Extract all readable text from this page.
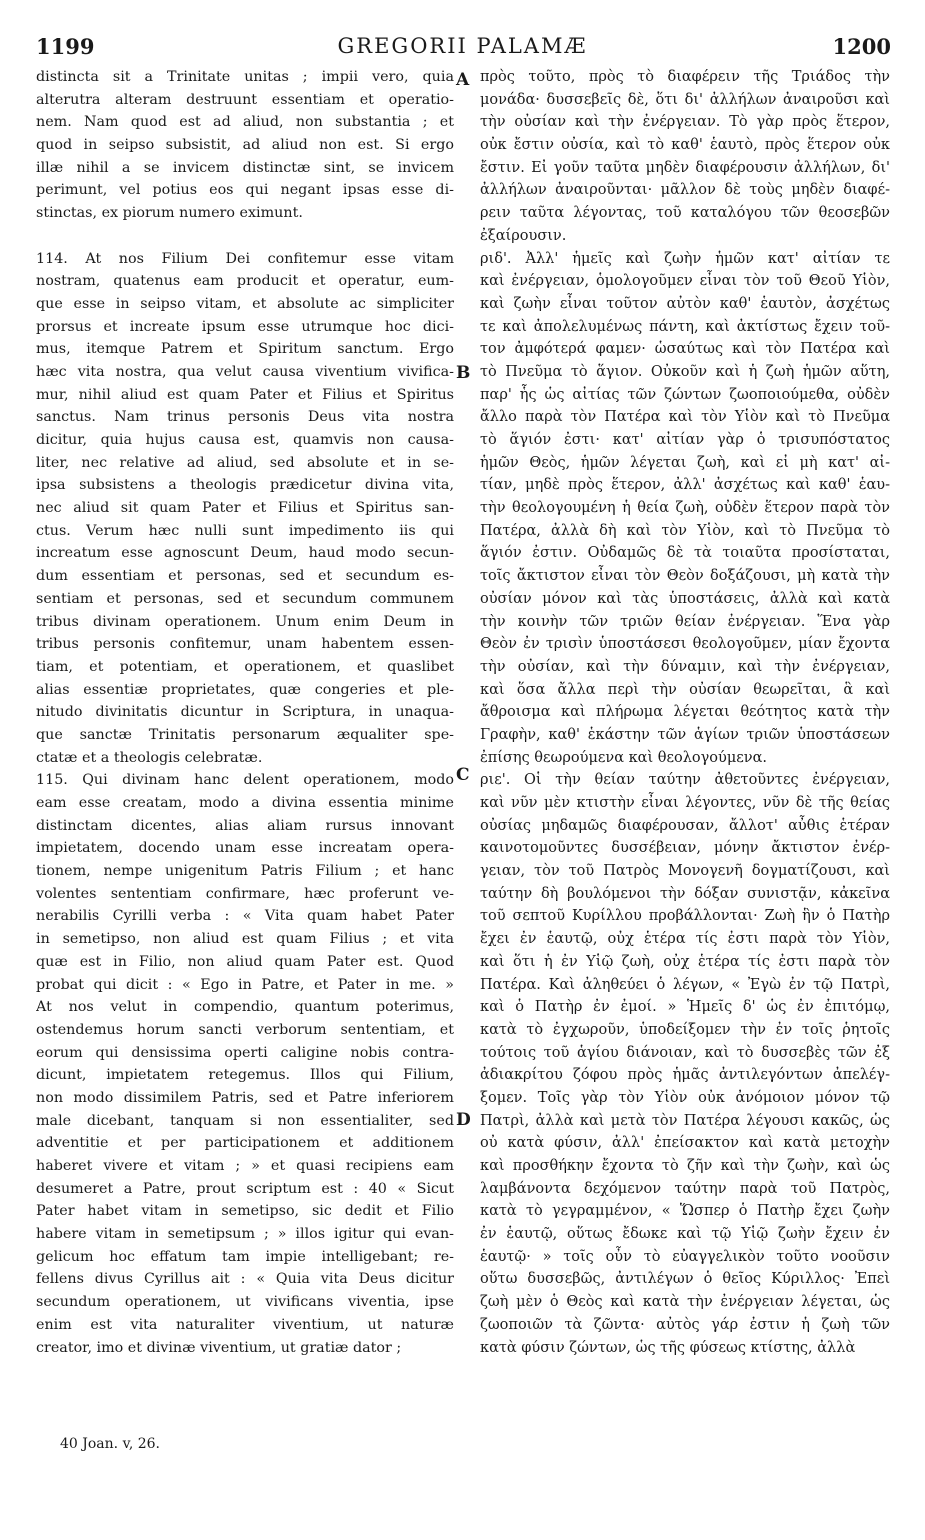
GREGORII PALAMÆ
1199	1200
distincta sit a Trinitate unitas ; impii vero, quia
alterutra alteram destruunt essentiam et operatio-
nem. Nam quod est ad aliud, non substantia ; et
quod in seipso subsistit, ad aliud non est. Si ergo
illæ nihil a se invicem distinctæ sint, se invicem
perimunt, vel potius eos qui negant ipsas esse di-
stinctas, ex piorum numero eximunt.
114. At nos Filium Dei confitemur esse vitam
nostram, quatenus eam producit et operatur, eum-
que esse in seipso vitam, et absolute ac simpliciter
prorsus et increate ipsum esse utrumque hoc dici-
mus, itemque Patrem et Spiritum sanctum. Ergo
hæc vita nostra, qua velut causa viventium vivifica-
mur, nihil aliud est quam Pater et Filius et Spiritus
sanctus. Nam trinus personis Deus vita nostra
dicitur, quia hujus causa est, quamvis non causa-
liter, nec relative ad aliud, sed absolute et in se-
ipsa subsistens a theologis prædicetur divina vita,
nec aliud sit quam Pater et Filius et Spiritus san-
ctus. Verum hæc nulli sunt impedimento iis qui
increatum esse agnoscunt Deum, haud modo secun-
dum essentiam et personas, sed et secundum es-
sentiam et personas, sed et secundum communem
tribus divinam operationem. Unum enim Deum in
tribus personis confitemur, unam habentem essen-
tiam, et potentiam, et operationem, et quaslibet
alias essentiæ proprietates, quæ congeries et ple-
nitudo divinitatis dicuntur in Scriptura, in unaqua-
que sanctæ Trinitatis personarum æqualiter spe-
ctatæ et a theologis celebratæ.
115. Qui divinam hanc delent operationem, modo
eam esse creatam, modo a divina essentia minime
distinctam dicentes, alias aliam rursus innovant
impietatem, docendo unam esse increatam opera-
tionem, nempe unigenitum Patris Filium ; et hanc
volentes sententiam confirmare, hæc proferunt ve-
nerabilis Cyrilli verba : « Vita quam habet Pater
in semetipso, non aliud est quam Filius ; et vita
quæ est in Filio, non aliud quam Pater est. Quod
probat qui dicit : « Ego in Patre, et Pater in me. »
At nos velut in compendio, quantum poterimus,
ostendemus horum sancti verborum sententiam, et
eorum qui densissima operti caligine nobis contra-
dicunt, impietatem retegemus. Illos qui Filium,
non modo dissimilem Patris, sed et Patre inferiorem
male dicebant, tanquam si non essentialiter, sed
adventitie et per participationem et additionem
haberet vivere et vitam ; » et quasi recipiens eam
desumeret a Patre, prout scriptum est : 40 « Sicut
Pater habet vitam in semetipso, sic dedit et Filio
habere vitam in semetipsum ; » illos igitur qui evan-
gelicum hoc effatum tam impie intelligebant; re-
fellens divus Cyrillus ait : « Quia vita Deus dicitur
secundum operationem, ut vivificans viventia, ipse
enim est vita naturaliter viventium, ut naturæ
creator, imo et divinæ viventium, ut gratiæ dator ;
πρὸς τοῦτο, πρὸς τὸ διαφέρειν τῆς Τριάδος τὴν
μονάδα· δυσσεβεῖς δὲ, ὅτι δι' ἀλλήλων ἀναιροῦσι καὶ
τὴν οὐσίαν καὶ τὴν ἐνέργειαν. Τὸ γὰρ πρὸς ἕτερον,
οὐκ ἔστιν οὐσία, καὶ τὸ καθ' ἑαυτὸ, πρὸς ἕτερον οὐκ
ἔστιν. Εἰ γοῦν ταῦτα μηδὲν διαφέρουσιν ἀλλήλων, δι'
ἀλλήλων ἀναιροῦνται· μᾶλλον δὲ τοὺς μηδὲν διαφέ-
ρειν ταῦτα λέγοντας, τοῦ καταλόγου τῶν θεοσεβῶν
ἐξαίρουσιν.
ριδ'. Ἀλλ' ἡμεῖς καὶ ζωὴν ἡμῶν κατ' αἰτίαν τε
καὶ ἐνέργειαν, ὁμολογοῦμεν εἶναι τὸν τοῦ Θεοῦ Υἱὸν,
καὶ ζωὴν εἶναι τοῦτον αὐτὸν καθ' ἑαυτὸν, ἀσχέτως
τε καὶ ἀπολελυμένως πάντη, καὶ ἀκτίστως ἔχειν τοῦ-
τον ἀμφότερά φαμεν· ὡσαύτως καὶ τὸν Πατέρα καὶ
τὸ Πνεῦμα τὸ ἅγιον. Οὐκοῦν καὶ ἡ ζωὴ ἡμῶν αὕτη,
παρ' ἧς ὡς αἰτίας τῶν ζώντων ζωοποιούμεθα, οὐδὲν
ἄλλο παρὰ τὸν Πατέρα καὶ τὸν Υἱὸν καὶ τὸ Πνεῦμα
τὸ ἅγιόν ἐστι· κατ' αἰτίαν γὰρ ὁ τρισυπόστατος
ἡμῶν Θεὸς, ἡμῶν λέγεται ζωὴ, καὶ εἰ μὴ κατ' αἰ-
τίαν, μηδὲ πρὸς ἕτερον, ἀλλ' ἀσχέτως καὶ καθ' ἑαυ-
τὴν θεολογουμένη ἡ θεία ζωὴ, οὐδὲν ἕτερον παρὰ τὸν
Πατέρα, ἀλλὰ δὴ καὶ τὸν Υἱὸν, καὶ τὸ Πνεῦμα τὸ
ἅγιόν ἐστιν. Οὐδαμῶς δὲ τὰ τοιαῦτα προσίσταται,
τοῖς ἄκτιστον εἶναι τὸν Θεὸν δοξάζουσι, μὴ κατὰ τὴν
οὐσίαν μόνον καὶ τὰς ὑποστάσεις, ἀλλὰ καὶ κατὰ
τὴν κοινὴν τῶν τριῶν θείαν ἐνέργειαν. Ἕνα γὰρ
Θεὸν ἐν τρισὶν ὑποστάσεσι θεολογοῦμεν, μίαν ἔχοντα
τὴν οὐσίαν, καὶ τὴν δύναμιν, καὶ τὴν ἐνέργειαν,
καὶ ὅσα ἄλλα περὶ τὴν οὐσίαν θεωρεῖται, ἃ καὶ
ἄθροισμα καὶ πλήρωμα λέγεται θεότητος κατὰ τὴν
Γραφὴν, καθ' ἑκάστην τῶν ἁγίων τριῶν ὑποστάσεων
ἐπίσης θεωρούμενα καὶ θεολογούμενα.
ριε'. Οἱ τὴν θείαν ταύτην ἀθετοῦντες ἐνέργειαν,
καὶ νῦν μὲν κτιστὴν εἶναι λέγοντες, νῦν δὲ τῆς θείας
οὐσίας μηδαμῶς διαφέρουσαν, ἄλλοτ' αὖθις ἑτέραν
καινοτομοῦντες δυσσέβειαν, μόνην ἄκτιστον ἐνέρ-
γειαν, τὸν τοῦ Πατρὸς Μονογενῆ δογματίζουσι, καὶ
ταύτην δὴ βουλόμενοι τὴν δόξαν συνιστᾷν, κἀκεῖνα
τοῦ σεπτοῦ Κυρίλλου προβάλλονται· Ζωὴ ἣν ὁ Πατὴρ
ἔχει ἐν ἑαυτῷ, οὐχ ἑτέρα τίς ἐστι παρὰ τὸν Υἱὸν,
καὶ ὅτι ἡ ἐν Υἱῷ ζωὴ, οὐχ ἑτέρα τίς ἐστι παρὰ τὸν
Πατέρα. Καὶ ἀληθεύει ὁ λέγων, « Ἐγὼ ἐν τῷ Πατρὶ,
καὶ ὁ Πατὴρ ἐν ἐμοί. » Ἡμεῖς δ' ὡς ἐν ἐπιτόμῳ,
κατὰ τὸ ἐγχωροῦν, ὑποδείξομεν τὴν ἐν τοῖς ῥητοῖς
τούτοις τοῦ ἁγίου διάνοιαν, καὶ τὸ δυσσεβὲς τῶν ἐξ
ἀδιακρίτου ζόφου πρὸς ἡμᾶς ἀντιλεγόντων ἀπελέγ-
ξομεν. Τοῖς γὰρ τὸν Υἱὸν οὐκ ἀνόμοιον μόνον τῷ
Πατρὶ, ἀλλὰ καὶ μετὰ τὸν Πατέρα λέγουσι κακῶς, ὡς
οὐ κατὰ φύσιν, ἀλλ' ἐπείσακτον καὶ κατὰ μετοχὴν
καὶ προσθήκην ἔχοντα τὸ ζῆν καὶ τὴν ζωὴν, καὶ ὡς
λαμβάνοντα δεχόμενον ταύτην παρὰ τοῦ Πατρὸς,
κατὰ τὸ γεγραμμένον, « Ὥσπερ ὁ Πατὴρ ἔχει ζωὴν
ἐν ἑαυτῷ, οὕτως ἔδωκε καὶ τῷ Υἱῷ ζωὴν ἔχειν ἐν
ἑαυτῷ· » τοῖς οὖν τὸ εὐαγγελικὸν τοῦτο νοοῦσιν
οὕτω δυσσεβῶς, ἀντιλέγων ὁ θεῖος Κύριλλος· Ἐπεὶ
ζωὴ μὲν ὁ Θεὸς καὶ κατὰ τὴν ἐνέργειαν λέγεται, ὡς
ζωοποιῶν τὰ ζῶντα· αὐτὸς γάρ ἐστιν ἡ ζωὴ τῶν
κατὰ φύσιν ζώντων, ὡς τῆς φύσεως κτίστης, ἀλλὰ
A
B
C
D
40 Joan. v, 26.
